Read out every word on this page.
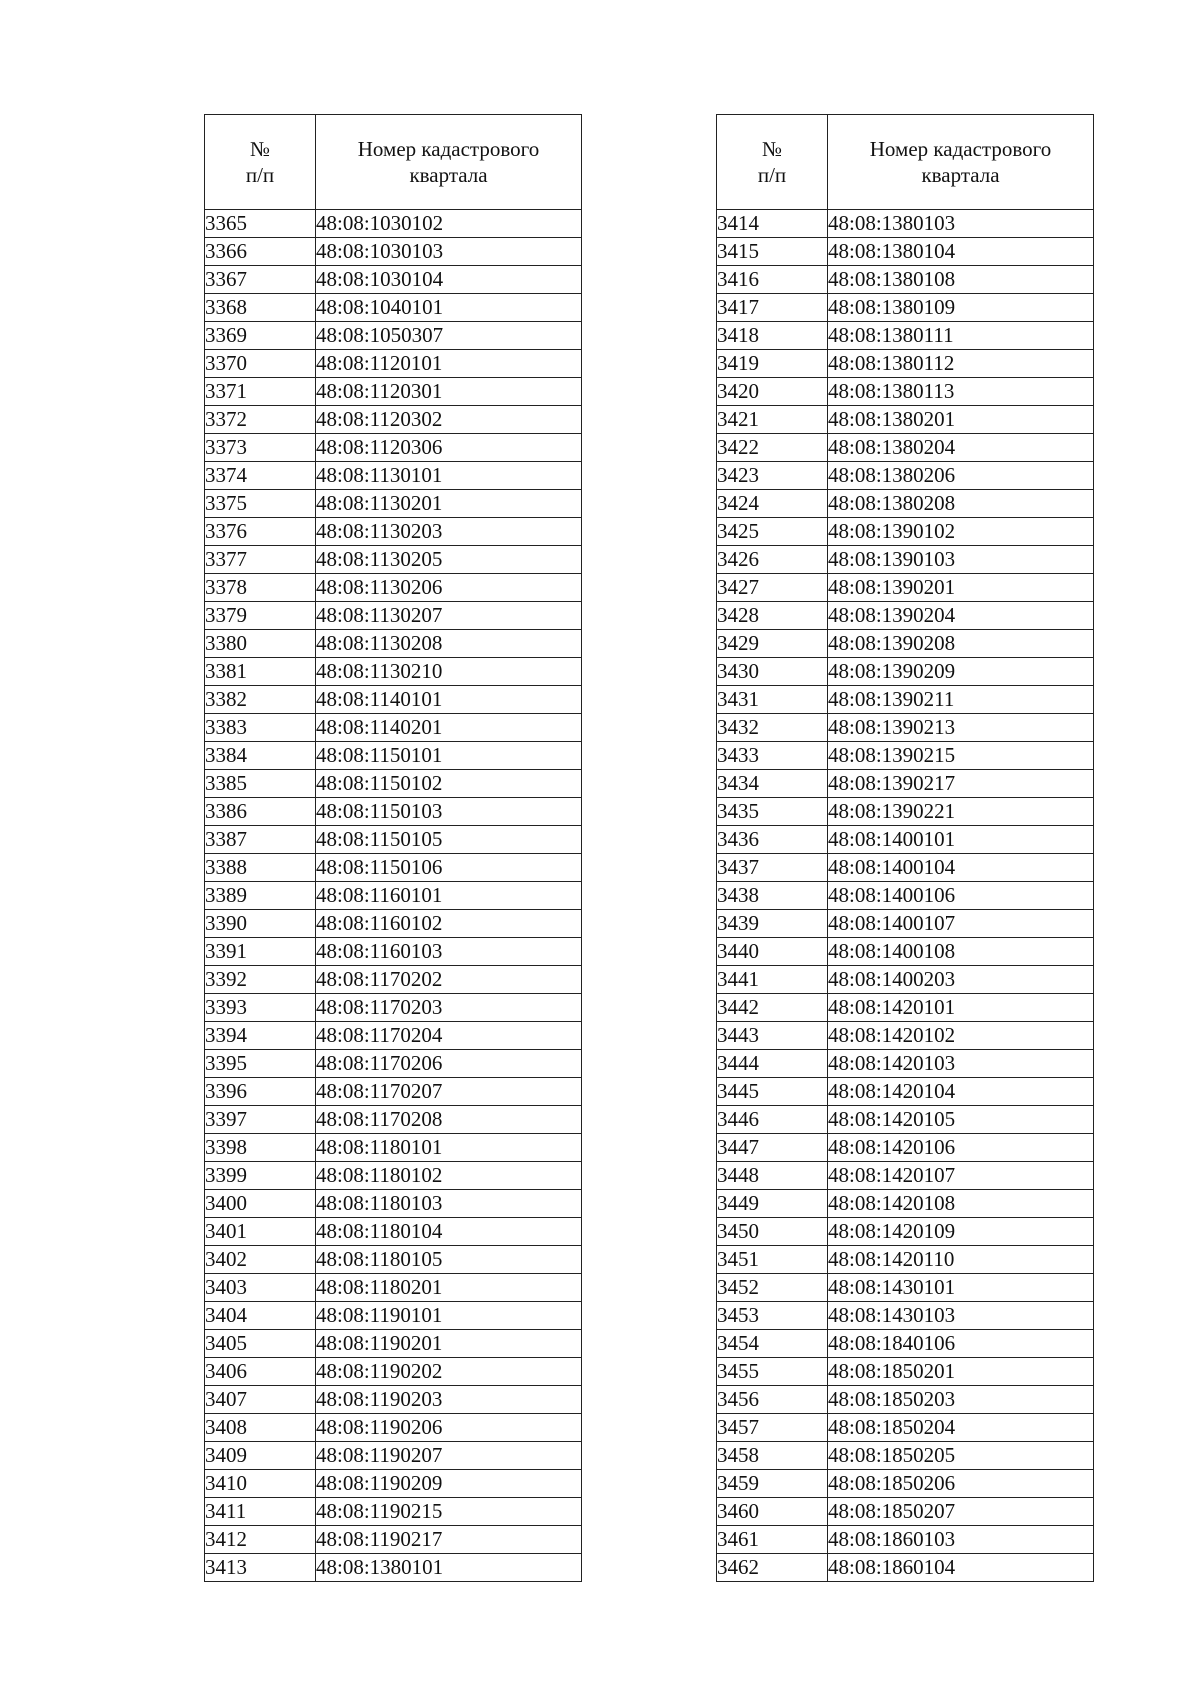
№
п/п	Номер кадастрового
квартала

3365	48:08:1030102
3366	48:08:1030103
3367	48:08:1030104
3368	48:08:1040101
3369	48:08:1050307
3370	48:08:1120101
3371	48:08:1120301
3372	48:08:1120302
3373	48:08:1120306
3374	48:08:1130101
3375	48:08:1130201
3376	48:08:1130203
3377	48:08:1130205
3378	48:08:1130206
3379	48:08:1130207
3380	48:08:1130208
3381	48:08:1130210
3382	48:08:1140101
3383	48:08:1140201
3384	48:08:1150101
3385	48:08:1150102
3386	48:08:1150103
3387	48:08:1150105
3388	48:08:1150106
3389	48:08:1160101
3390	48:08:1160102
3391	48:08:1160103
3392	48:08:1170202
3393	48:08:1170203
3394	48:08:1170204
3395	48:08:1170206
3396	48:08:1170207
3397	48:08:1170208
3398	48:08:1180101
3399	48:08:1180102
3400	48:08:1180103
3401	48:08:1180104
3402	48:08:1180105
3403	48:08:1180201
3404	48:08:1190101
3405	48:08:1190201
3406	48:08:1190202
3407	48:08:1190203
3408	48:08:1190206
3409	48:08:1190207
3410	48:08:1190209
3411	48:08:1190215
3412	48:08:1190217
3413	48:08:1380101
№
п/п	Номер кадастрового
квартала

3414	48:08:1380103
3415	48:08:1380104
3416	48:08:1380108
3417	48:08:1380109
3418	48:08:1380111
3419	48:08:1380112
3420	48:08:1380113
3421	48:08:1380201
3422	48:08:1380204
3423	48:08:1380206
3424	48:08:1380208
3425	48:08:1390102
3426	48:08:1390103
3427	48:08:1390201
3428	48:08:1390204
3429	48:08:1390208
3430	48:08:1390209
3431	48:08:1390211
3432	48:08:1390213
3433	48:08:1390215
3434	48:08:1390217
3435	48:08:1390221
3436	48:08:1400101
3437	48:08:1400104
3438	48:08:1400106
3439	48:08:1400107
3440	48:08:1400108
3441	48:08:1400203
3442	48:08:1420101
3443	48:08:1420102
3444	48:08:1420103
3445	48:08:1420104
3446	48:08:1420105
3447	48:08:1420106
3448	48:08:1420107
3449	48:08:1420108
3450	48:08:1420109
3451	48:08:1420110
3452	48:08:1430101
3453	48:08:1430103
3454	48:08:1840106
3455	48:08:1850201
3456	48:08:1850203
3457	48:08:1850204
3458	48:08:1850205
3459	48:08:1850206
3460	48:08:1850207
3461	48:08:1860103
3462	48:08:1860104
